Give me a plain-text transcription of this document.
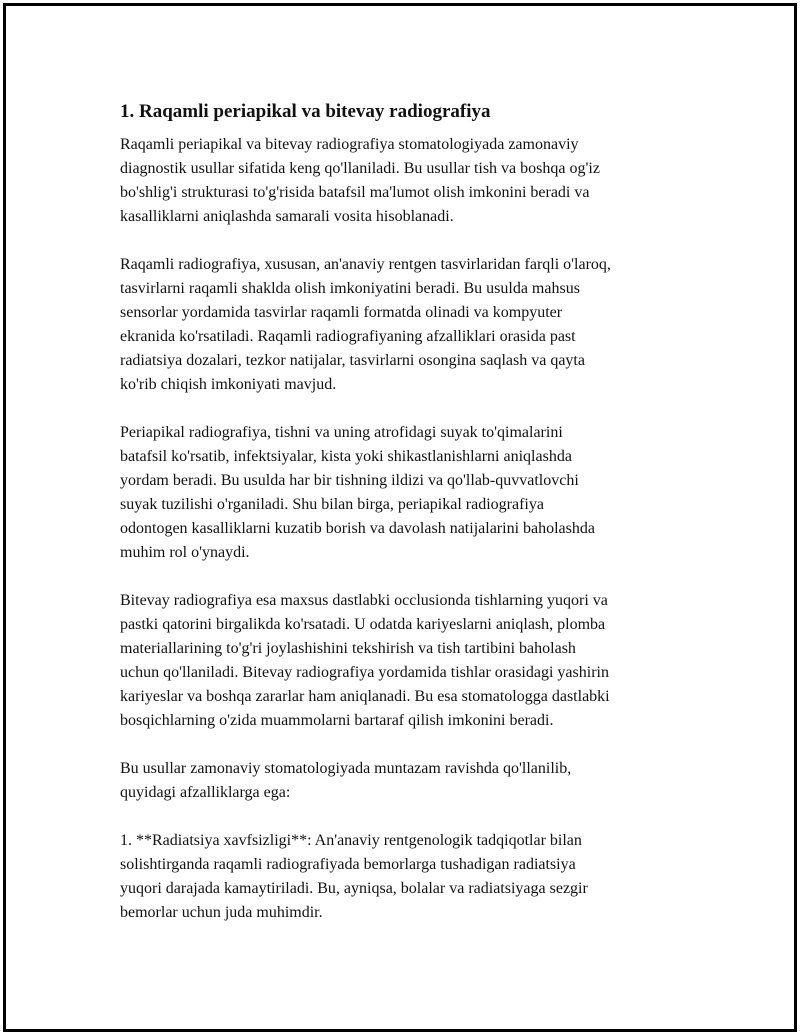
1. Raqamli periapikal va bitevay radiografiya
Raqamli periapikal va bitevay radiografiya stomatologiyada zamonaviy
diagnostik usullar sifatida keng qo'llaniladi. Bu usullar tish va boshqa og'iz
bo'shlig'i strukturasi to'g'risida batafsil ma'lumot olish imkonini beradi va
kasalliklarni aniqlashda samarali vosita hisoblanadi.
Raqamli radiografiya, xususan, an'anaviy rentgen tasvirlaridan farqli o'laroq,
tasvirlarni raqamli shaklda olish imkoniyatini beradi. Bu usulda mahsus
sensorlar yordamida tasvirlar raqamli formatda olinadi va kompyuter
ekranida ko'rsatiladi. Raqamli radiografiyaning afzalliklari orasida past
radiatsiya dozalari, tezkor natijalar, tasvirlarni osongina saqlash va qayta
ko'rib chiqish imkoniyati mavjud.
Periapikal radiografiya, tishni va uning atrofidagi suyak to'qimalarini
batafsil ko'rsatib, infektsiyalar, kista yoki shikastlanishlarni aniqlashda
yordam beradi. Bu usulda har bir tishning ildizi va qo'llab-quvvatlovchi
suyak tuzilishi o'rganiladi. Shu bilan birga, periapikal radiografiya
odontogen kasalliklarni kuzatib borish va davolash natijalarini baholashda
muhim rol o'ynaydi.
Bitevay radiografiya esa maxsus dastlabki occlusionda tishlarning yuqori va
pastki qatorini birgalikda ko'rsatadi. U odatda kariyeslarni aniqlash, plomba
materiallarining to'g'ri joylashishini tekshirish va tish tartibini baholash
uchun qo'llaniladi. Bitevay radiografiya yordamida tishlar orasidagi yashirin
kariyeslar va boshqa zararlar ham aniqlanadi. Bu esa stomatologga dastlabki
bosqichlarning o'zida muammolarni bartaraf qilish imkonini beradi.
Bu usullar zamonaviy stomatologiyada muntazam ravishda qo'llanilib,
quyidagi afzalliklarga ega:
1. **Radiatsiya xavfsizligi**: An'anaviy rentgenologik tadqiqotlar bilan
solishtirganda raqamli radiografiyada bemorlarga tushadigan radiatsiya
yuqori darajada kamaytiriladi. Bu, ayniqsa, bolalar va radiatsiyaga sezgir
bemorlar uchun juda muhimdir.
